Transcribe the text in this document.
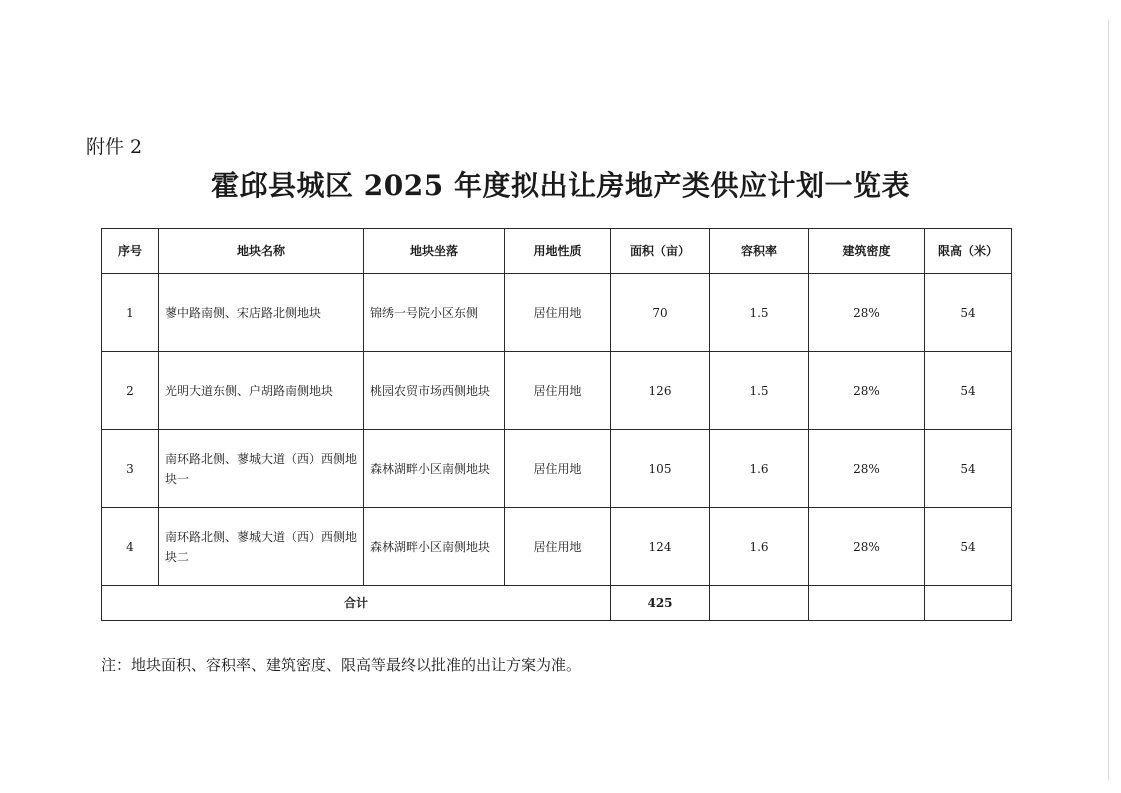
附件 2
霍邱县城区 2025 年度拟出让房地产类供应计划一览表
序号	地块名称	地块坐落	用地性质	面积（亩）	容积率	建筑密度	限高（米）
1	蓼中路南侧、宋店路北侧地块	锦绣一号院小区东侧	居住用地	70	1.5	28%	54
2	光明大道东侧、户胡路南侧地块	桃园农贸市场西侧地块	居住用地	126	1.5	28%	54
3	南环路北侧、蓼城大道（西）西侧地块一	森林湖畔小区南侧地块	居住用地	105	1.6	28%	54
4	南环路北侧、蓼城大道（西）西侧地块二	森林湖畔小区南侧地块	居住用地	124	1.6	28%	54
合计				425			
注：地块面积、容积率、建筑密度、限高等最终以批准的出让方案为准。
